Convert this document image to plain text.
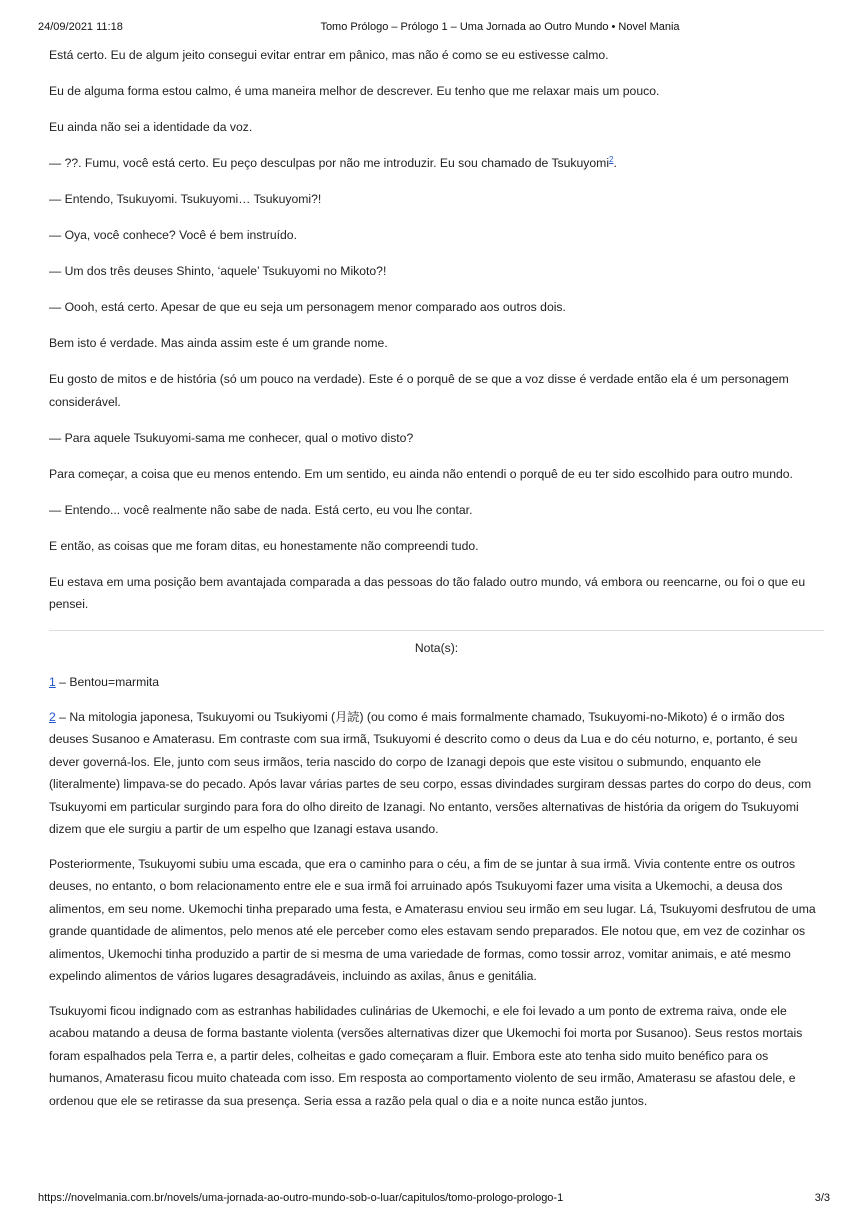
24/09/2021 11:18	Tomo Prólogo – Prólogo 1 – Uma Jornada ao Outro Mundo • Novel Mania

Está certo. Eu de algum jeito consegui evitar entrar em pânico, mas não é como se eu estivesse calmo.

Eu de alguma forma estou calmo, é uma maneira melhor de descrever. Eu tenho que me relaxar mais um pouco.

Eu ainda não sei a identidade da voz.

— ??. Fumu, você está certo. Eu peço desculpas por não me introduzir. Eu sou chamado de Tsukuyomi$^2$.

— Entendo, Tsukuyomi. Tsukuyomi… Tsukuyomi?!

— Oya, você conhece? Você é bem instruído.

— Um dos três deuses Shinto, ‘aquele’ Tsukuyomi no Mikoto?!

— Oooh, está certo. Apesar de que eu seja um personagem menor comparado aos outros dois.

Bem isto é verdade. Mas ainda assim este é um grande nome.

Eu gosto de mitos e de história (só um pouco na verdade). Este é o porquê de se que a voz disse é verdade então ela é um personagem considerável.

— Para aquele Tsukuyomi-sama me conhecer, qual o motivo disto?

Para começar, a coisa que eu menos entendo. Em um sentido, eu ainda não entendi o porquê de eu ter sido escolhido para outro mundo.

— Entendo... você realmente não sabe de nada. Está certo, eu vou lhe contar.

E então, as coisas que me foram ditas, eu honestamente não compreendi tudo.

Eu estava em uma posição bem avantajada comparada a das pessoas do tão falado outro mundo, vá embora ou reencarne, ou foi o que eu pensei.

Nota(s):

1 – Bentou=marmita

2 – Na mitologia japonesa, Tsukuyomi ou Tsukiyomi (月読) (ou como é mais formalmente chamado, Tsukuyomi-no-Mikoto) é o irmão dos deuses Susanoo e Amaterasu. Em contraste com sua irmã, Tsukuyomi é descrito como o deus da Lua e do céu noturno, e, portanto, é seu dever governá-los. Ele, junto com seus irmãos, teria nascido do corpo de Izanagi depois que este visitou o submundo, enquanto ele (literalmente) limpava-se do pecado. Após lavar várias partes de seu corpo, essas divindades surgiram dessas partes do corpo do deus, com Tsukuyomi em particular surgindo para fora do olho direito de Izanagi. No entanto, versões alternativas de história da origem do Tsukuyomi dizem que ele surgiu a partir de um espelho que Izanagi estava usando.

Posteriormente, Tsukuyomi subiu uma escada, que era o caminho para o céu, a fim de se juntar à sua irmã. Vivia contente entre os outros deuses, no entanto, o bom relacionamento entre ele e sua irmã foi arruinado após Tsukuyomi fazer uma visita a Ukemochi, a deusa dos alimentos, em seu nome. Ukemochi tinha preparado uma festa, e Amaterasu enviou seu irmão em seu lugar. Lá, Tsukuyomi desfrutou de uma grande quantidade de alimentos, pelo menos até ele perceber como eles estavam sendo preparados. Ele notou que, em vez de cozinhar os alimentos, Ukemochi tinha produzido a partir de si mesma de uma variedade de formas, como tossir arroz, vomitar animais, e até mesmo expelindo alimentos de vários lugares desagradáveis, incluindo as axilas, ânus e genitália.

Tsukuyomi ficou indignado com as estranhas habilidades culinárias de Ukemochi, e ele foi levado a um ponto de extrema raiva, onde ele acabou matando a deusa de forma bastante violenta (versões alternativas dizer que Ukemochi foi morta por Susanoo). Seus restos mortais foram espalhados pela Terra e, a partir deles, colheitas e gado começaram a fluir. Embora este ato tenha sido muito benéfico para os humanos, Amaterasu ficou muito chateada com isso. Em resposta ao comportamento violento de seu irmão, Amaterasu se afastou dele, e ordenou que ele se retirasse da sua presença. Seria essa a razão pela qual o dia e a noite nunca estão juntos.

https://novelmania.com.br/novels/uma-jornada-ao-outro-mundo-sob-o-luar/capitulos/tomo-prologo-prologo-1	3/3
